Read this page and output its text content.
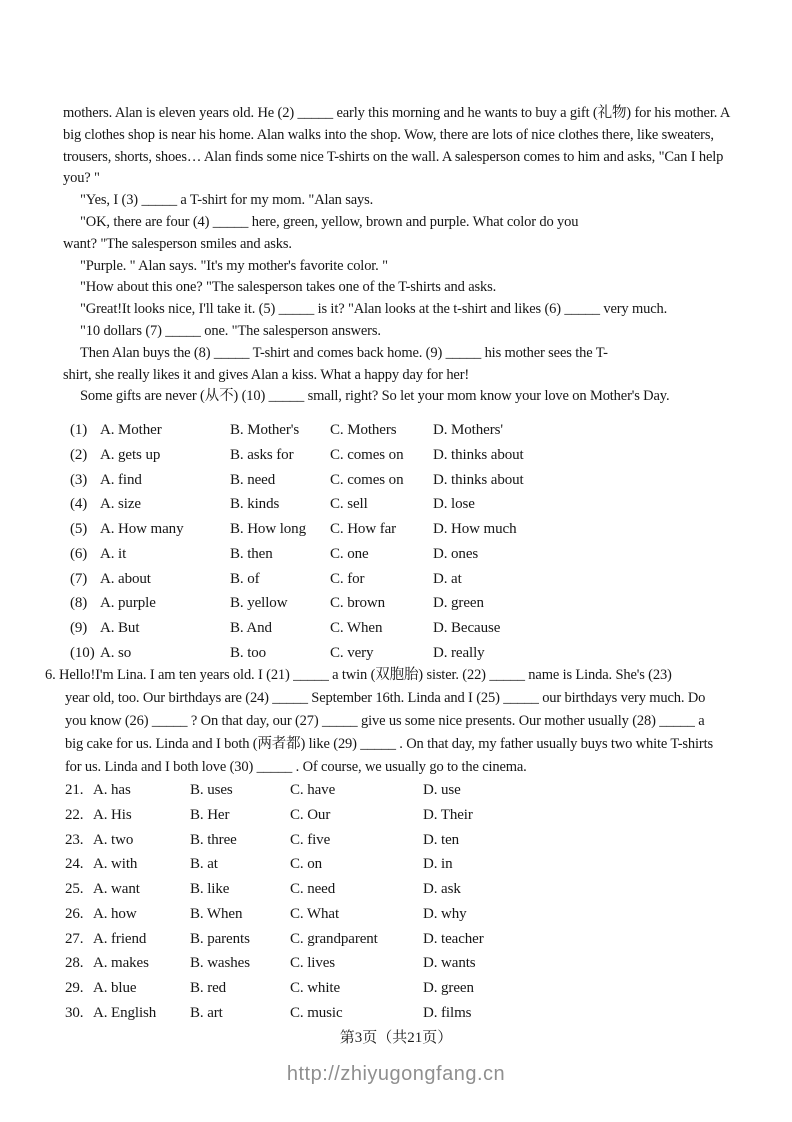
mothers. Alan is eleven years old. He (2) _____ early this morning and he wants to buy a gift (礼物) for his mother. A
big clothes shop is near his home. Alan walks into the shop. Wow, there are lots of nice clothes there, like sweaters,
trousers, shorts, shoes… Alan finds some nice T-shirts on the wall. A salesperson comes to him and asks, "Can I help
you? "
"Yes, I (3) _____ a T-shirt for my mom. "Alan says.
"OK, there are four (4) _____ here, green, yellow, brown and purple. What color do you
want? "The salesperson smiles and asks.
"Purple. " Alan says. "It's my mother's favorite color. "
"How about this one? "The salesperson takes one of the T-shirts and asks.
"Great!It looks nice, I'll take it. (5) _____ is it? "Alan looks at the t-shirt and likes (6) _____ very much.
"10 dollars (7) _____ one. "The salesperson answers.
Then Alan buys the (8) _____ T-shirt and comes back home. (9) _____ his mother sees the T-
shirt, she really likes it and gives Alan a kiss. What a happy day for her!
Some gifts are never (从不) (10) _____ small, right? So let your mom know your love on Mother's Day.
(1) A. Mother	B. Mother's	C. Mothers	D. Mothers'
(2) A. gets up	B. asks for	C. comes on	D. thinks about
(3) A. find	B. need	C. comes on	D. thinks about
(4) A. size	B. kinds	C. sell	D. lose
(5) A. How many	B. How long	C. How far	D. How much
(6) A. it	B. then	C. one	D. ones
(7) A. about	B. of	C. for	D. at
(8) A. purple	B. yellow	C. brown	D. green
(9) A. But	B. And	C. When	D. Because
(10) A. so	B. too	C. very	D. really
6. Hello!I'm Lina. I am ten years old. I (21) _____ a twin (双胞胎) sister. (22) _____ name is Linda. She's (23)
year old, too. Our birthdays are (24) _____ September 16th. Linda and I (25) _____ our birthdays very much. Do
you know (26) _____ ? On that day, our (27) _____ give us some nice presents. Our mother usually (28) _____ a
big cake for us. Linda and I both (两者都) like (29) _____ . On that day, my father usually buys two white T-shirts
for us. Linda and I both love (30) _____ . Of course, we usually go to the cinema.
21. A. has	B. uses	C. have	D. use
22. A. His	B. Her	C. Our	D. Their
23. A. two	B. three	C. five	D. ten
24. A. with	B. at	C. on	D. in
25. A. want	B. like	C. need	D. ask
26. A. how	B. When	C. What	D. why
27. A. friend	B. parents	C. grandparent	D. teacher
28. A. makes	B. washes	C. lives	D. wants
29. A. blue	B. red	C. white	D. green
30. A. English	B. art	C. music	D. films
第3页（共21页）
http://zhiyugongfang.cn
